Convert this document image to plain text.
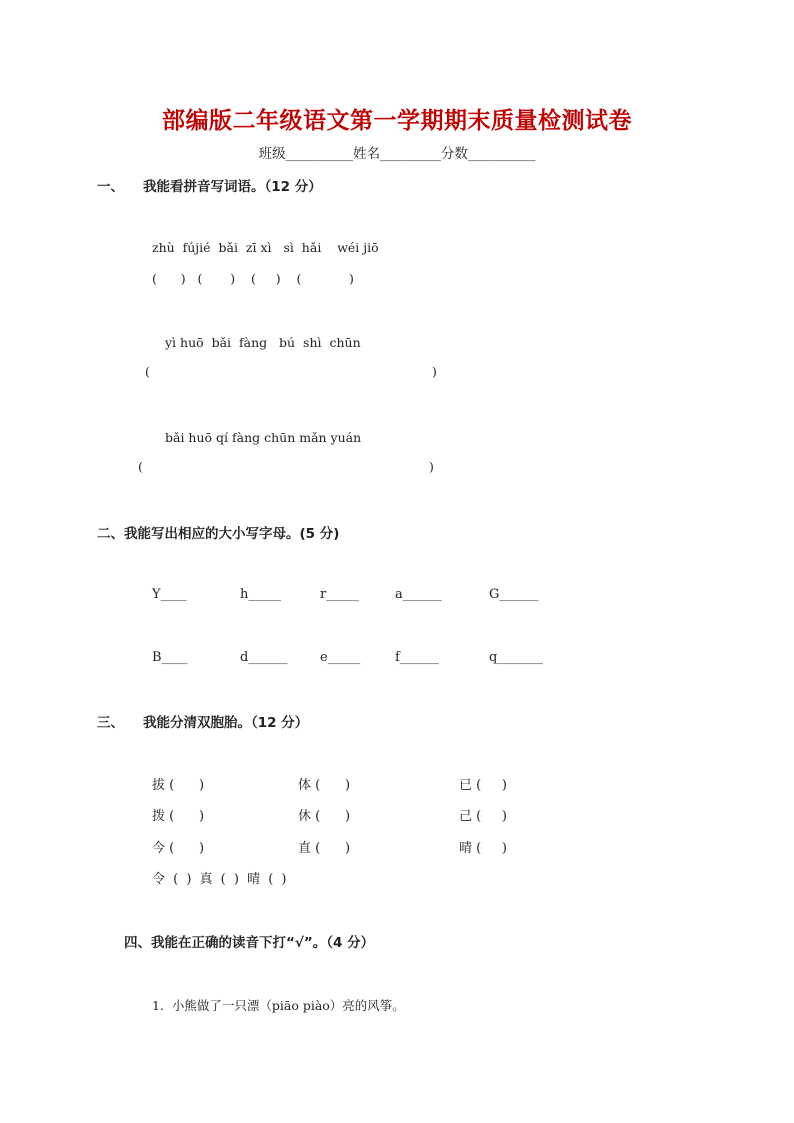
部编版二年级语文第一学期期末质量检测试卷
班级__________姓名_________分数__________
一、 我能看拼音写词语。（12 分）
zhù  fújié  bǎi  zī xì   sì  hǎi    wéi jiō
(      )   (       )    (     )    (            )
yì huō  bǎi  fàng   bú  shì  chūn
(                                                                       )
bǎi huō qí fàng chūn mǎn yuán
(                                                                        )
二、我能写出相应的大小写字母。(5 分)
Y____	h_____	r_____	a______	G______
B____	d______	e_____	f______	q_______
三、 我能分清双胞胎。（12 分）
拔 (      )	体 (      )	已 (     )
拨 (      )	休 (      )	己 (     )
今 (      )	直 (      )	晴 (     )
令 ( ) 真 ( ) 晴 ( )
四、我能在正确的读音下打“√”。（4 分）
1.  小熊做了一只漂（piāo piào）亮的风筝。
